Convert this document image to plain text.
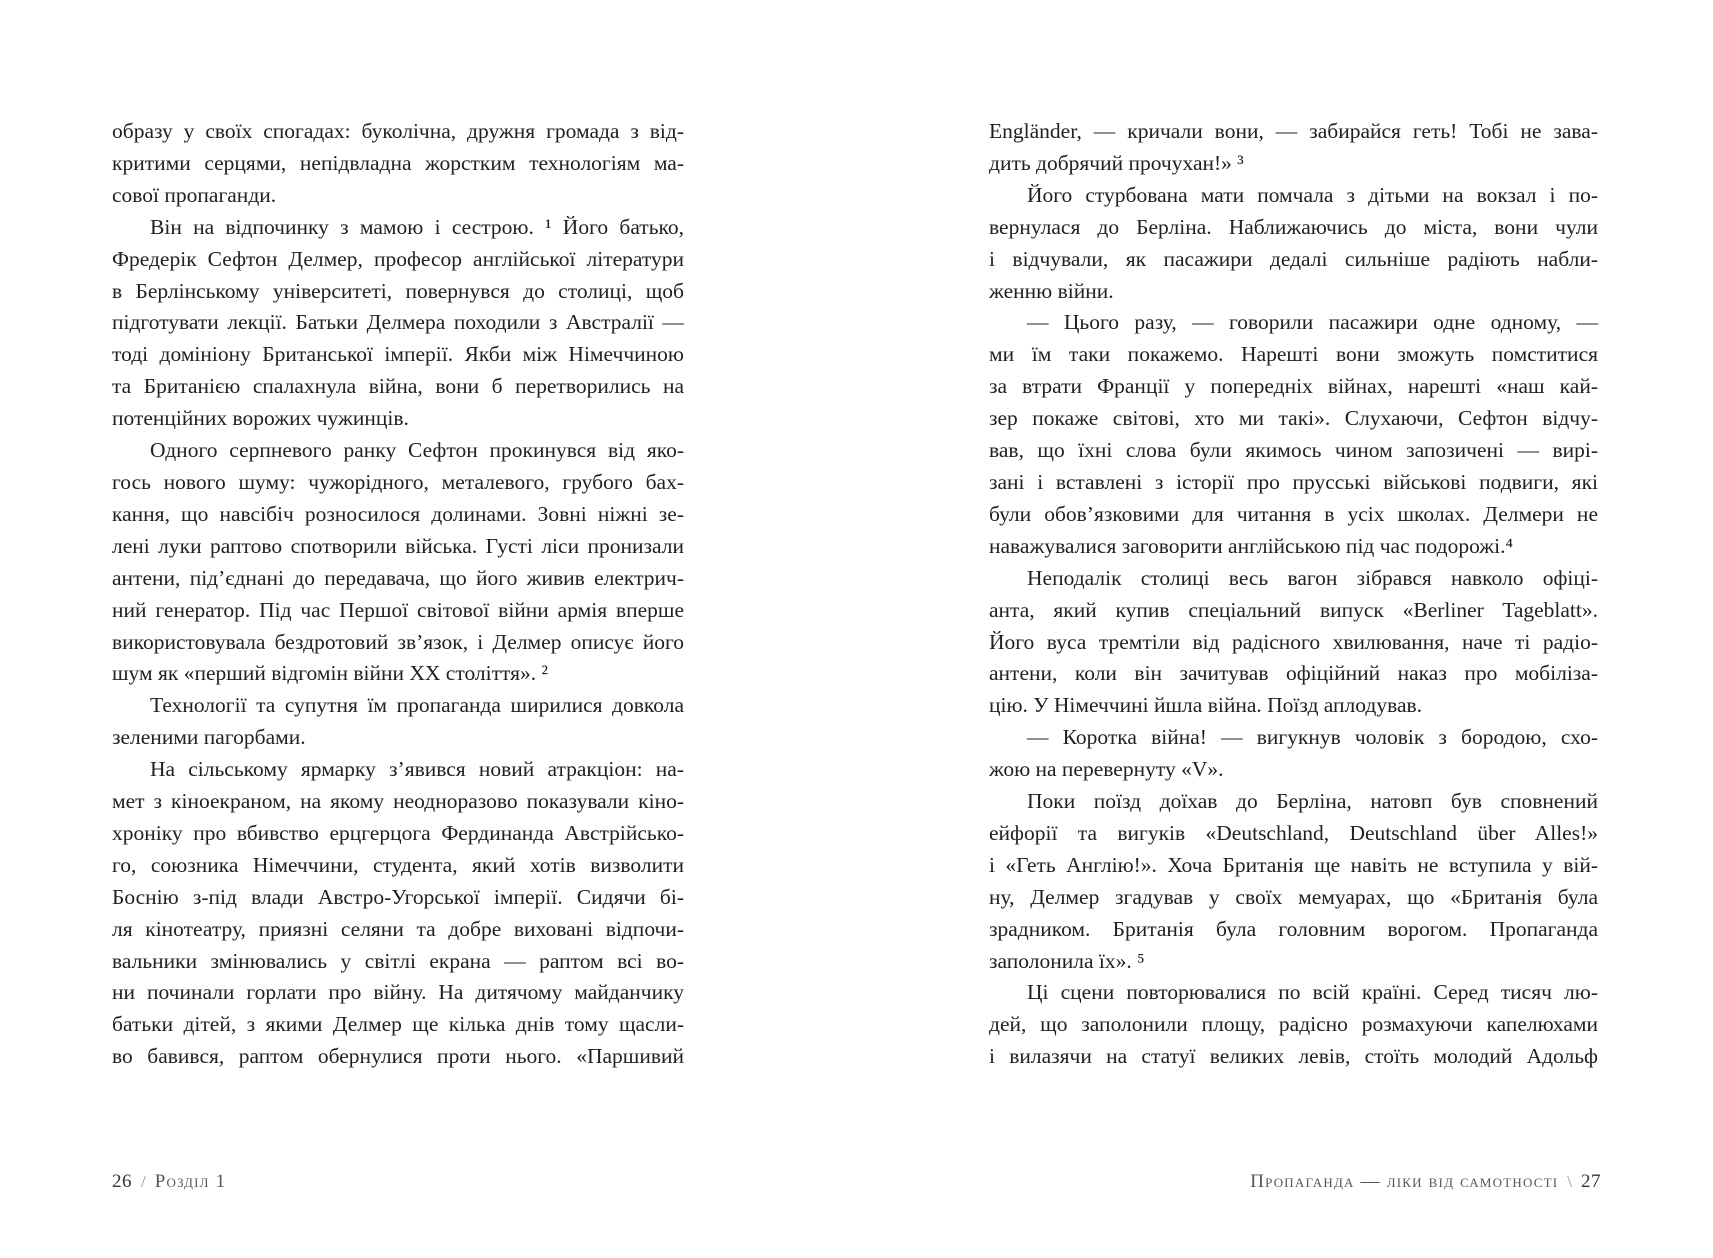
образу у своїх спогадах: буколічна, дружня громада з від-
критими серцями, непідвладна жорстким технологіям ма-
сової пропаганди.
Він на відпочинку з мамою і сестрою. ¹ Його батько,
Фредерік Сефтон Делмер, професор англійської літератури
в Берлінському університеті, повернувся до столиці, щоб
підготувати лекції. Батьки Делмера походили з Австралії —
тоді домініону Британської імперії. Якби між Німеччиною
та Британією спалахнула війна, вони б перетворились на
потенційних ворожих чужинців.
Одного серпневого ранку Сефтон прокинувся від яко-
гось нового шуму: чужорідного, металевого, грубого бах-
кання, що навсібіч розносилося долинами. Зовні ніжні зе-
лені луки раптово спотворили війська. Густі ліси пронизали
антени, під’єднані до передавача, що його живив електрич-
ний генератор. Під час Першої світової війни армія вперше
використовувала бездротовий зв’язок, і Делмер описує його
шум як «перший відгомін війни XX століття». ²
Технології та супутня їм пропаганда ширилися довкола
зеленими пагорбами.
На сільському ярмарку з’явився новий атракціон: на-
мет з кіноекраном, на якому неодноразово показували кіно-
хроніку про вбивство ерцгерцога Фердинанда Австрійсько-
го, союзника Німеччини, студента, який хотів визволити
Боснію з-під влади Австро-Угорської імперії. Сидячи бі-
ля кінотеатру, приязні селяни та добре виховані відпочи-
вальники змінювались у світлі екрана — раптом всі во-
ни починали горлати про війну. На дитячому майданчику
батьки дітей, з якими Делмер ще кілька днів тому щасли-
во бавився, раптом обернулися проти нього. «Паршивий
Engländer, — кричали вони, — забирайся геть! Тобі не зава-
дить добрячий прочухан!» ³
Його стурбована мати помчала з дітьми на вокзал і по-
вернулася до Берліна. Наближаючись до міста, вони чули
і відчували, як пасажири дедалі сильніше радіють набли-
женню війни.
— Цього разу, — говорили пасажири одне одному, —
ми їм таки покажемо. Нарешті вони зможуть помститися
за втрати Франції у попередніх війнах, нарешті «наш кай-
зер покаже світові, хто ми такі». Слухаючи, Сефтон відчу-
вав, що їхні слова були якимось чином запозичені — вирі-
зані і вставлені з історії про прусські військові подвиги, які
були обов’язковими для читання в усіх школах. Делмери не
наважувалися заговорити англійською під час подорожі.⁴
Неподалік столиці весь вагон зібрався навколо офіці-
анта, який купив спеціальний випуск «Berliner Tageblatt».
Його вуса тремтіли від радісного хвилювання, наче ті радіо-
антени, коли він зачитував офіційний наказ про мобіліза-
цію. У Німеччині йшла війна. Поїзд аплодував.
— Коротка війна! — вигукнув чоловік з бородою, схо-
жою на перевернуту «V».
Поки поїзд доїхав до Берліна, натовп був сповнений
ейфорії та вигуків «Deutschland, Deutschland über Alles!»
і «Геть Англію!». Хоча Британія ще навіть не вступила у вій-
ну, Делмер згадував у своїх мемуарах, що «Британія була
зрадником. Британія була головним ворогом. Пропаганда
заполонила їх». ⁵
Ці сцени повторювалися по всій країні. Серед тисяч лю-
дей, що заполонили площу, радісно розмахуючи капелюхами
і вилазячи на статуї великих левів, стоїть молодий Адольф
26 / Розділ 1	Пропаганда — ліки від самотності \ 27
